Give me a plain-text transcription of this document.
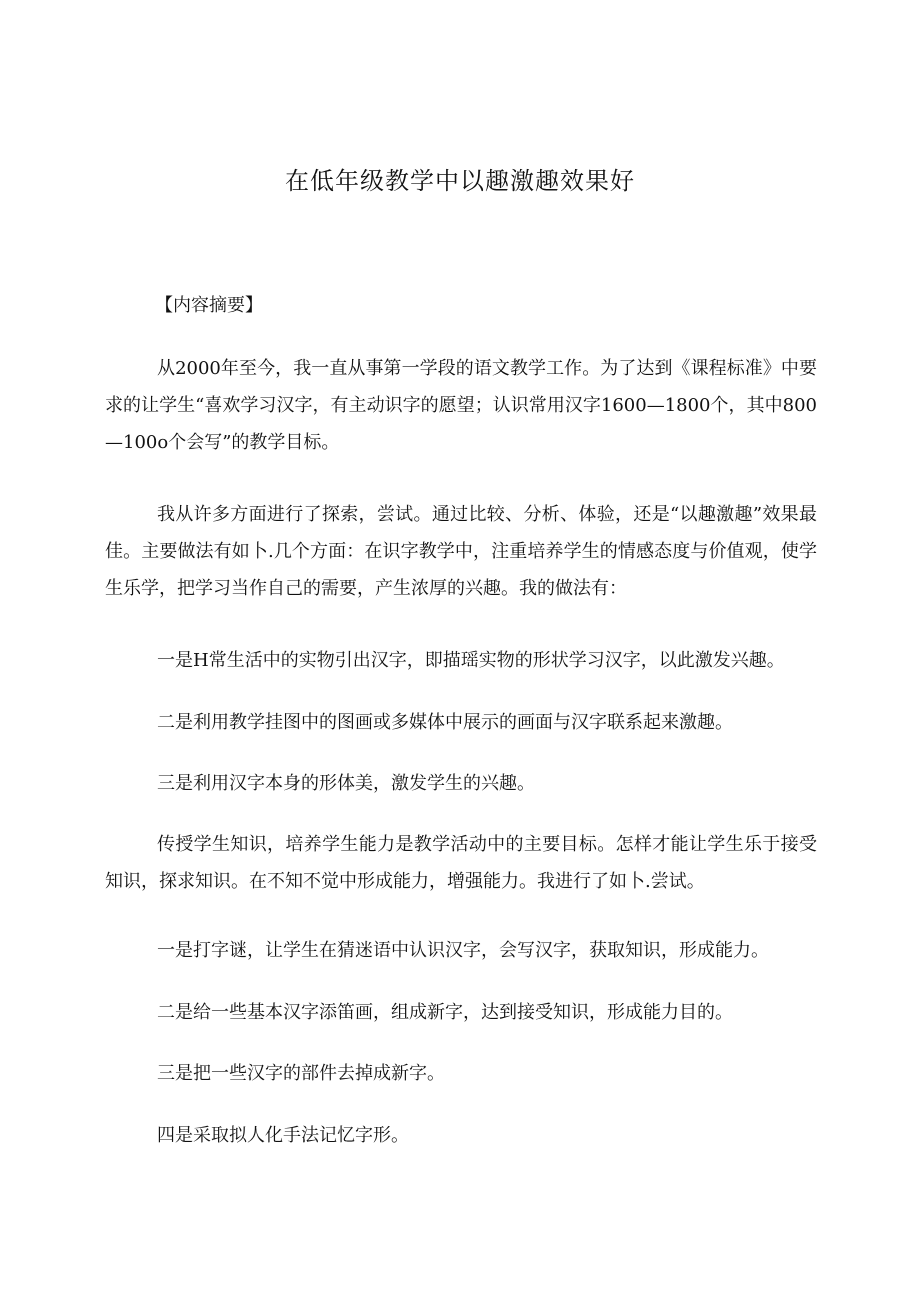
在低年级教学中以趣激趣效果好
【内容摘要】

从2000年至今，我一直从事第一学段的语文教学工作。为了达到《课程标准》中要求的让学生“喜欢学习汉字，有主动识字的愿望；认识常用汉字1600—1800个，其中800—100o个会写”的教学目标。

我从许多方面进行了探索，尝试。通过比较、分析、体验，还是“以趣激趣”效果最佳。主要做法有如卜.几个方面：在识字教学中，注重培养学生的情感态度与价值观，使学生乐学，把学习当作自己的需要，产生浓厚的兴趣。我的做法有：

一是H常生活中的实物引出汉字，即描瑶实物的形状学习汉字，以此激发兴趣。

二是利用教学挂图中的图画或多媒体中展示的画面与汉字联系起来激趣。

三是利用汉字本身的形体美，激发学生的兴趣。

传授学生知识，培养学生能力是教学活动中的主要目标。怎样才能让学生乐于接受知识，探求知识。在不知不觉中形成能力，增强能力。我进行了如卜.尝试。

一是打字谜，让学生在猜迷语中认识汉字，会写汉字，获取知识，形成能力。

二是给一些基本汉字添笛画，组成新字，达到接受知识，形成能力目的。

三是把一些汉字的部件去掉成新字。

四是采取拟人化手法记忆字形。
